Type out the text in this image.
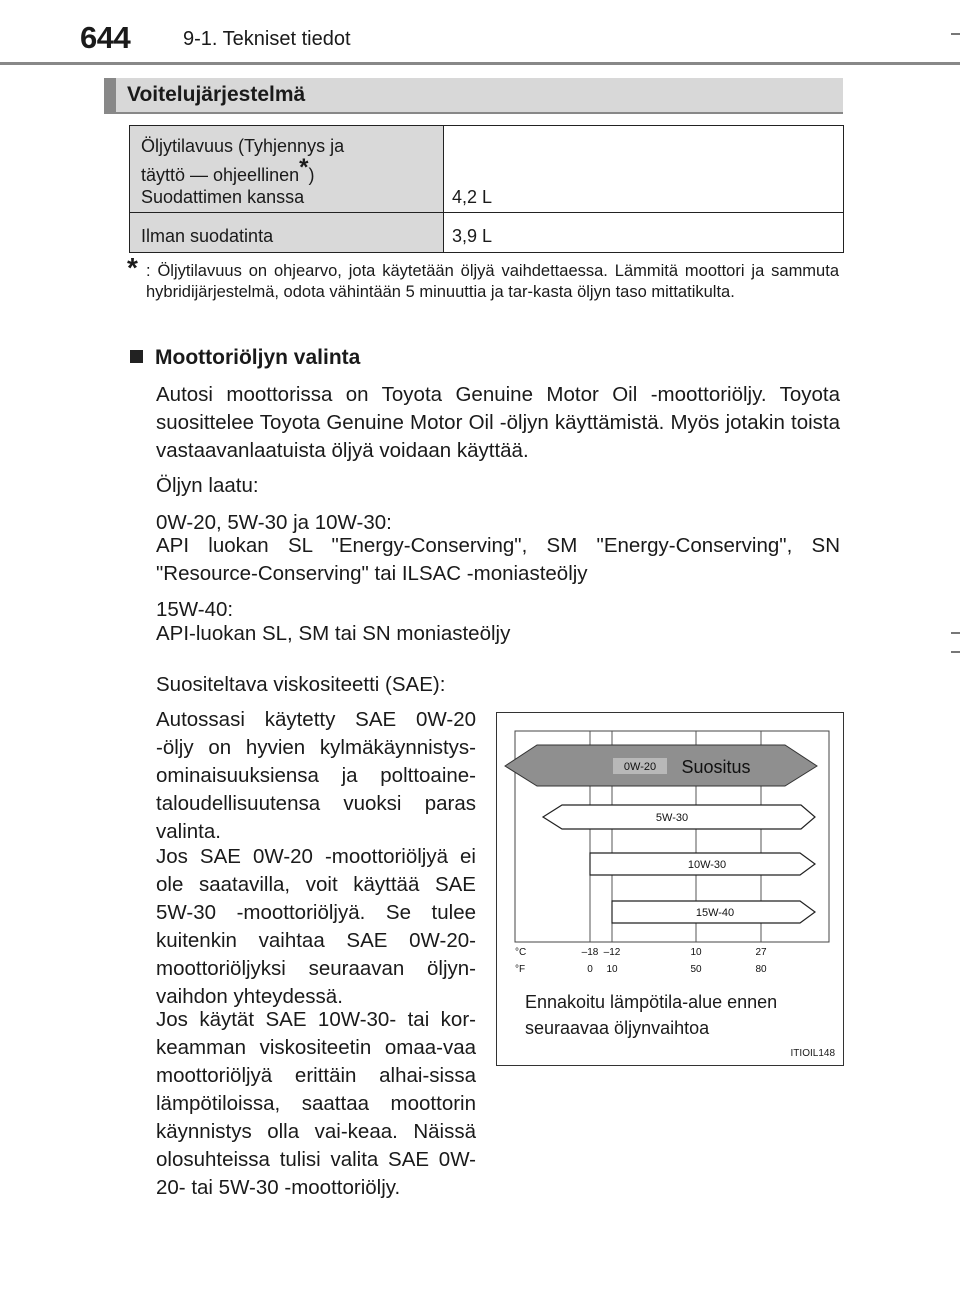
644	9-1. Tekniset tiedot
Voitelujärjestelmä
Öljytilavuus (Tyhjennys ja
täyttö — ohjeellinen*)
Suodattimen kanssa	4,2 L
Ilman suodatinta	3,9 L
* : Öljytilavuus on ohjearvo, jota käytetään öljyä vaihdettaessa. Lämmitä moottori ja sammuta hybridijärjestelmä, odota vähintään 5 minuuttia ja tar-kasta öljyn taso mittatikulta.
Moottoriöljyn valinta
Autosi moottorissa on Toyota Genuine Motor Oil -moottoriöljy. Toyota suosittelee Toyota Genuine Motor Oil -öljyn käyttämistä. Myös jotakin toista vastaavanlaatuista öljyä voidaan käyttää.
Öljyn laatu:
0W-20, 5W-30 ja 10W-30:
API luokan SL "Energy-Conserving", SM "Energy-Conserving", SN "Resource-Conserving" tai ILSAC -moniasteöljy
15W-40:
API-luokan SL, SM tai SN moniasteöljy
Suositeltava viskositeetti (SAE):
Autossasi käytetty SAE 0W-20 -öljy on hyvien kylmäkäynnistys-ominaisuuksiensa ja polttoaine-taloudellisuutensa vuoksi paras valinta.
Jos SAE 0W-20 -moottoriöljyä ei ole saatavilla, voit käyttää SAE 5W-30 -moottoriöljyä. Se tulee kuitenkin vaihtaa SAE 0W-20-moottoriöljyksi seuraavan öljyn-vaihdon yhteydessä.
Jos käytät SAE 10W-30- tai kor-keamman viskositeetin omaa-vaa moottoriöljyä erittäin alhai-sissa lämpötiloissa, saattaa moottorin käynnistys olla vai-keaa. Näissä olosuhteissa tulisi valita SAE 0W-20- tai 5W-30 -moottoriöljy.
0W-20 Suositus
5W-30
10W-30
15W-40
°C	–18 –12	10	27
°F	0 10	50	80
Ennakoitu lämpötila-alue ennen
seuraavaa öljynvaihtoa
ITIOIL148
